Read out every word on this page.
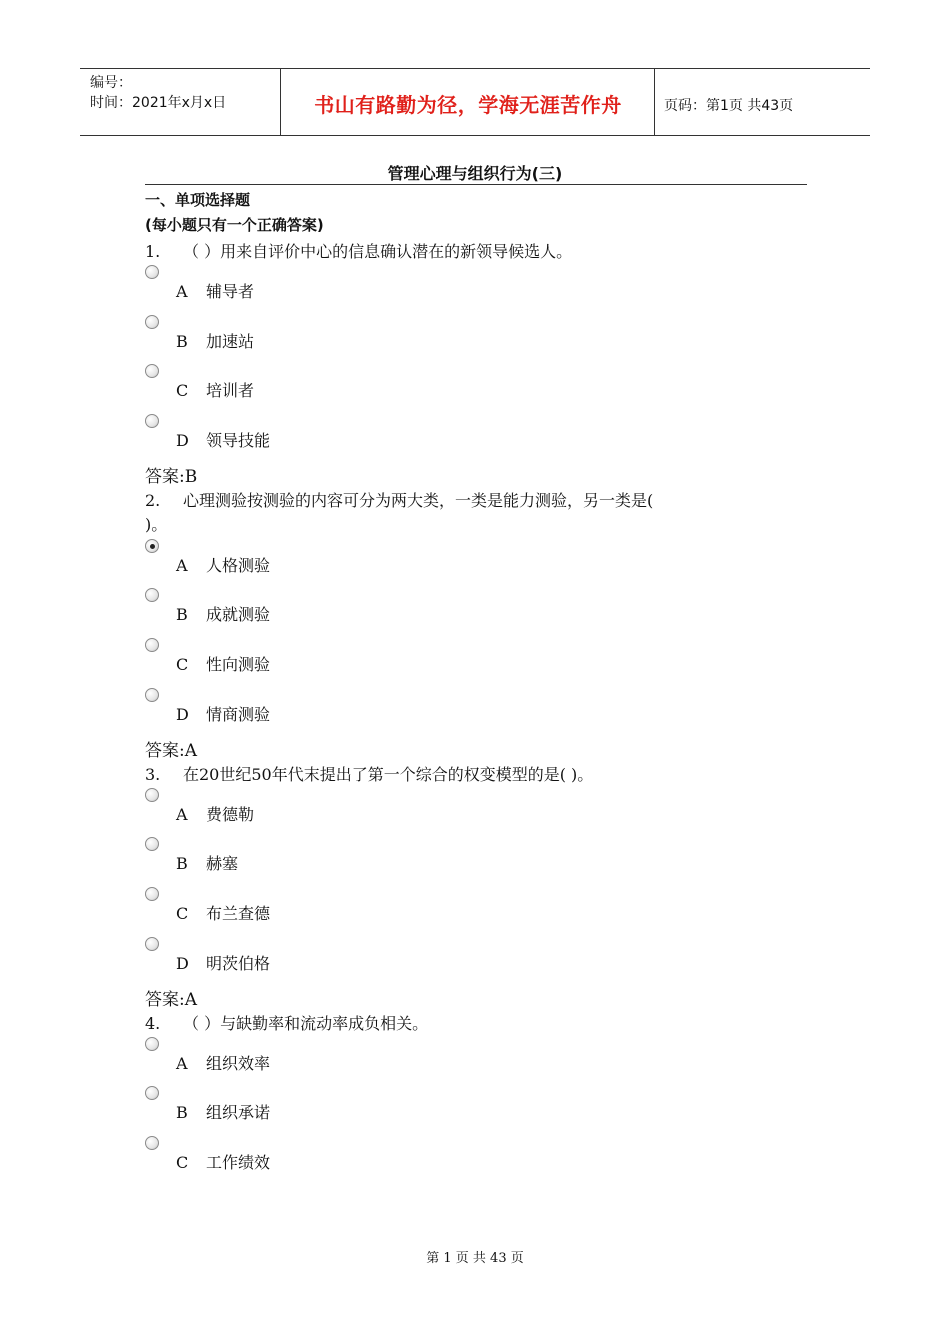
编号：
时间：2021年x月x日	书山有路勤为径，学海无涯苦作舟	页码：第1页 共43页
管理心理与组织行为(三)
一、单项选择题
(每小题只有一个正确答案)
1. （ ）用来自评价中心的信息确认潜在的新领导候选人。
A 辅导者
B 加速站
C 培训者
D 领导技能
答案:B
2. 心理测验按测验的内容可分为两大类，一类是能力测验，另一类是(
)。
A 人格测验
B 成就测验
C 性向测验
D 情商测验
答案:A
3. 在20世纪50年代末提出了第一个综合的权变模型的是( )。
A 费德勒
B 赫塞
C 布兰查德
D 明茨伯格
答案:A
4. （ ）与缺勤率和流动率成负相关。
A 组织效率
B 组织承诺
C 工作绩效
第 1 页 共 43 页
